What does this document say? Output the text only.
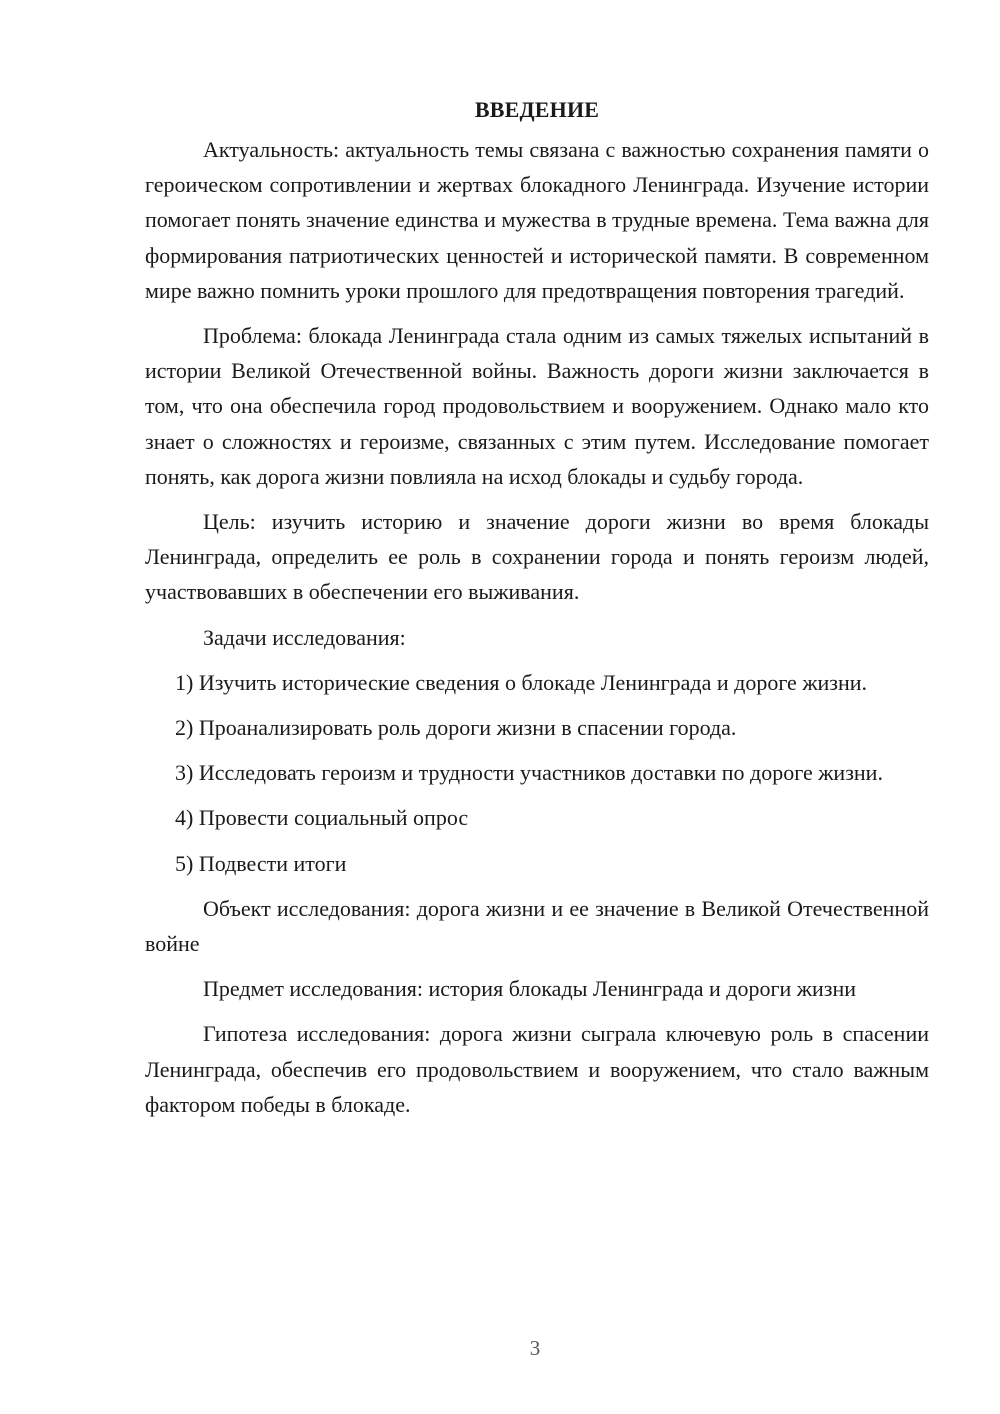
ВВЕДЕНИЕ

Актуальность: актуальность темы связана с важностью сохранения памяти о героическом сопротивлении и жертвах блокадного Ленинграда. Изучение истории помогает понять значение единства и мужества в трудные времена. Тема важна для формирования патриотических ценностей и исторической памяти. В современном мире важно помнить уроки прошлого для предотвращения повторения трагедий.

Проблема: блокада Ленинграда стала одним из самых тяжелых испытаний в истории Великой Отечественной войны. Важность дороги жизни заключается в том, что она обеспечила город продовольствием и вооружением. Однако мало кто знает о сложностях и героизме, связанных с этим путем. Исследование помогает понять, как дорога жизни повлияла на исход блокады и судьбу города.

Цель: изучить историю и значение дороги жизни во время блокады Ленинграда, определить ее роль в сохранении города и понять героизм людей, участвовавших в обеспечении его выживания.

Задачи исследования:

1) Изучить исторические сведения о блокаде Ленинграда и дороге жизни.

2) Проанализировать роль дороги жизни в спасении города.

3) Исследовать героизм и трудности участников доставки по дороге жизни.

4) Провести социальный опрос

5) Подвести итоги

Объект исследования: дорога жизни и ее значение в Великой Отечественной войне

Предмет исследования: история блокады Ленинграда и дороги жизни

Гипотеза исследования: дорога жизни сыграла ключевую роль в спасении Ленинграда, обеспечив его продовольствием и вооружением, что стало важным фактором победы в блокаде.

3
